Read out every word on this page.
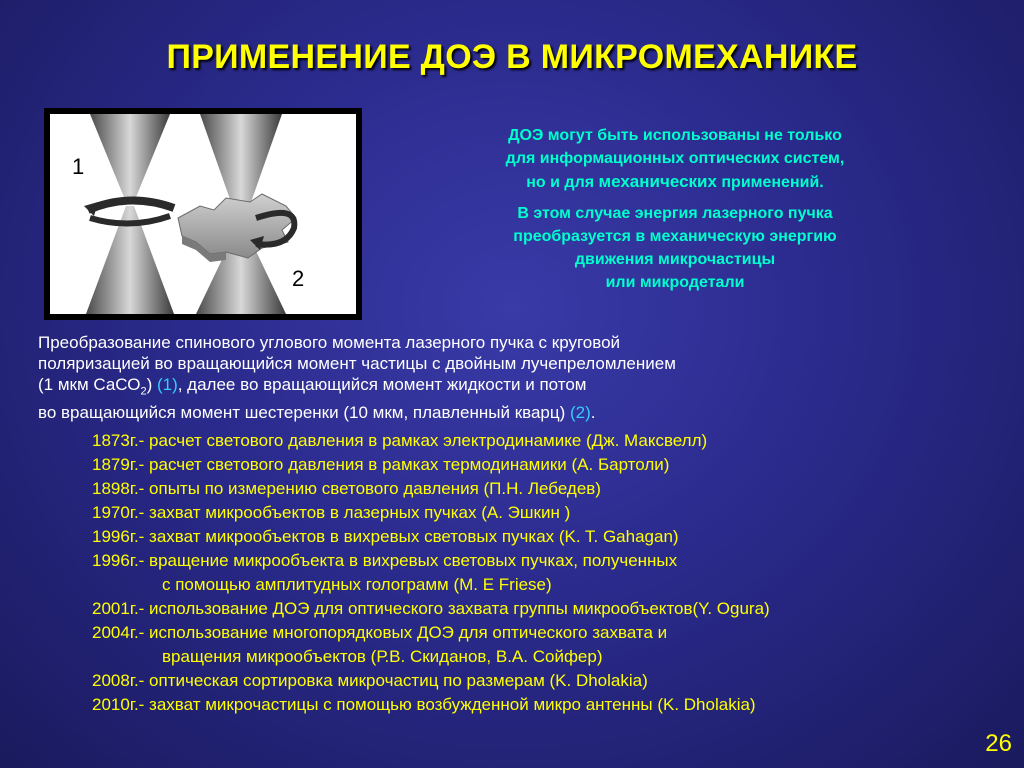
ПРИМЕНЕНИЕ ДОЭ В МИКРОМЕХАНИКЕ
1
2
ДОЭ могут быть использованы не только
для информационных оптических систем,
но и для механических применений.
В этом случае энергия лазерного пучка
преобразуется в механическую энергию
движения микрочастицы
или микродетали
Преобразование спинового углового момента лазерного пучка с круговой
поляризацией во вращающийся момент частицы с двойным лучепреломлением
(1 мкм СаСО$_2$) (1), далее во вращающийся момент жидкости и потом
во вращающийся момент шестеренки (10 мкм, плавленный кварц) (2).
1873г.- расчет светового давления в рамках электродинамике (Дж. Максвелл)
1879г.- расчет светового давления в рамках термодинамики (А. Бартоли)
1898г.- опыты по измерению светового давления (П.Н. Лебедев)
1970г.- захват микрообъектов в лазерных пучках (А. Эшкин )
1996г.- захват микрообъектов в вихревых световых пучках (K. T. Gahagan)
1996г.- вращение микрообъекта в вихревых световых пучках, полученных
с помощью амплитудных голограмм (M. E Friese)
2001г.- использование ДОЭ для оптического захвата группы микрообъектов(Y. Ogura)
2004г.- использование многопорядковых ДОЭ для оптического захвата и
вращения микрообъектов (Р.В. Скиданов, В.А. Сойфер)
2008г.- оптическая сортировка микрочастиц по размерам (K. Dholakia)
2010г.- захват микрочастицы с помощью возбужденной микро антенны (K. Dholakia)
26
